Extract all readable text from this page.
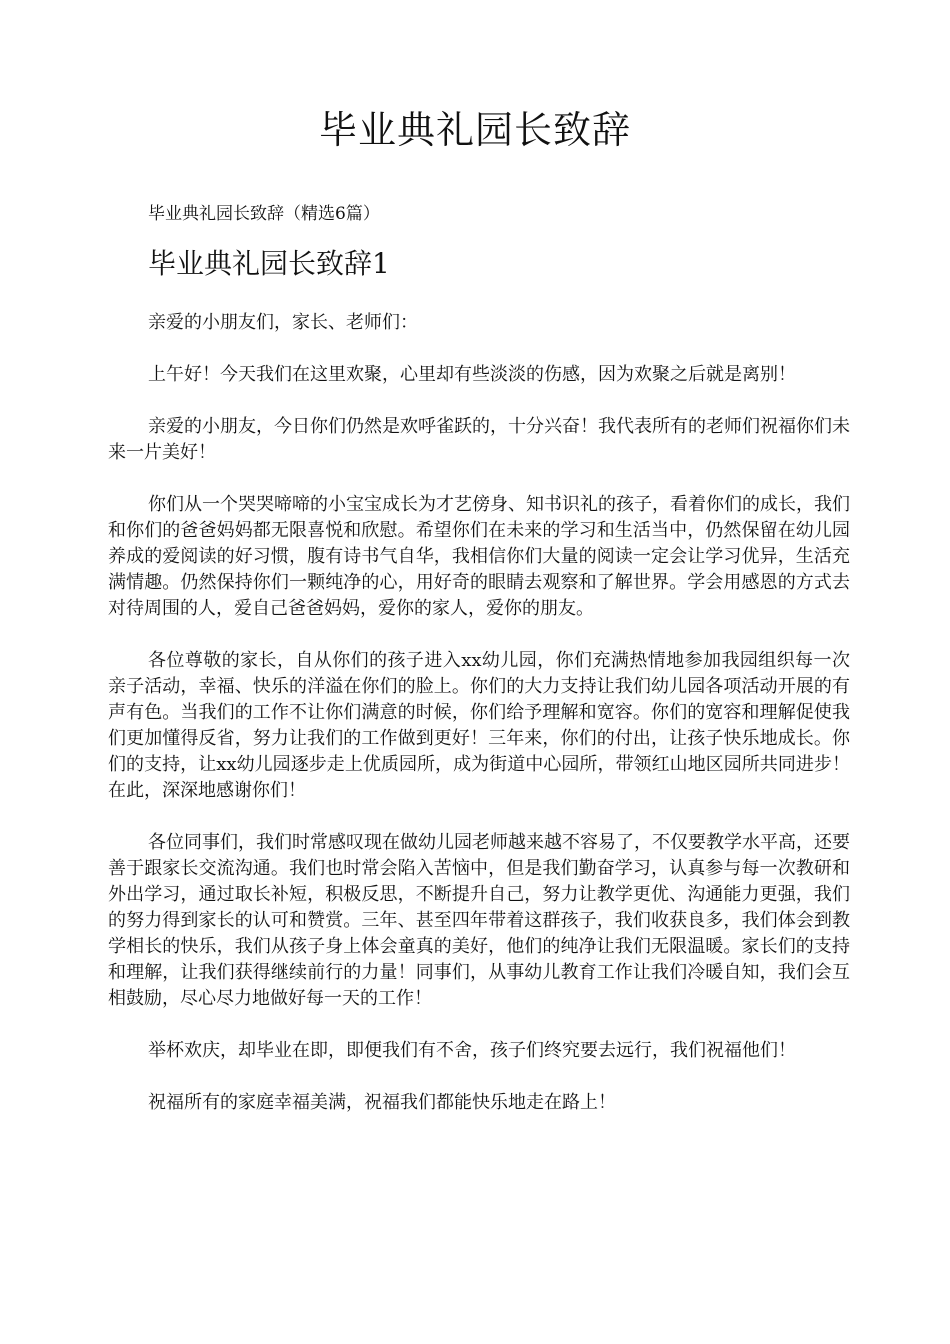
毕业典礼园长致辞
毕业典礼园长致辞（精选6篇）
毕业典礼园长致辞1

亲爱的小朋友们，家长、老师们：

上午好！今天我们在这里欢聚，心里却有些淡淡的伤感，因为欢聚之后就是离别！

亲爱的小朋友，今日你们仍然是欢呼雀跃的，十分兴奋！我代表所有的老师们祝福你们未来一片美好！

你们从一个哭哭啼啼的小宝宝成长为才艺傍身、知书识礼的孩子，看着你们的成长，我们和你们的爸爸妈妈都无限喜悦和欣慰。希望你们在未来的学习和生活当中，仍然保留在幼儿园养成的爱阅读的好习惯，腹有诗书气自华，我相信你们大量的阅读一定会让学习优异，生活充满情趣。仍然保持你们一颗纯净的心，用好奇的眼睛去观察和了解世界。学会用感恩的方式去对待周围的人，爱自己爸爸妈妈，爱你的家人，爱你的朋友。

各位尊敬的家长，自从你们的孩子进入xx幼儿园，你们充满热情地参加我园组织每一次亲子活动，幸福、快乐的洋溢在你们的脸上。你们的大力支持让我们幼儿园各项活动开展的有声有色。当我们的工作不让你们满意的时候，你们给予理解和宽容。你们的宽容和理解促使我们更加懂得反省，努力让我们的工作做到更好！三年来，你们的付出，让孩子快乐地成长。你们的支持，让xx幼儿园逐步走上优质园所，成为街道中心园所，带领红山地区园所共同进步！在此，深深地感谢你们！

各位同事们，我们时常感叹现在做幼儿园老师越来越不容易了，不仅要教学水平高，还要善于跟家长交流沟通。我们也时常会陷入苦恼中，但是我们勤奋学习，认真参与每一次教研和外出学习，通过取长补短，积极反思，不断提升自己，努力让教学更优、沟通能力更强，我们的努力得到家长的认可和赞赏。三年、甚至四年带着这群孩子，我们收获良多，我们体会到教学相长的快乐，我们从孩子身上体会童真的美好，他们的纯净让我们无限温暖。家长们的支持和理解，让我们获得继续前行的力量！同事们，从事幼儿教育工作让我们冷暖自知，我们会互相鼓励，尽心尽力地做好每一天的工作！

举杯欢庆，却毕业在即，即便我们有不舍，孩子们终究要去远行，我们祝福他们！

祝福所有的家庭幸福美满，祝福我们都能快乐地走在路上！
